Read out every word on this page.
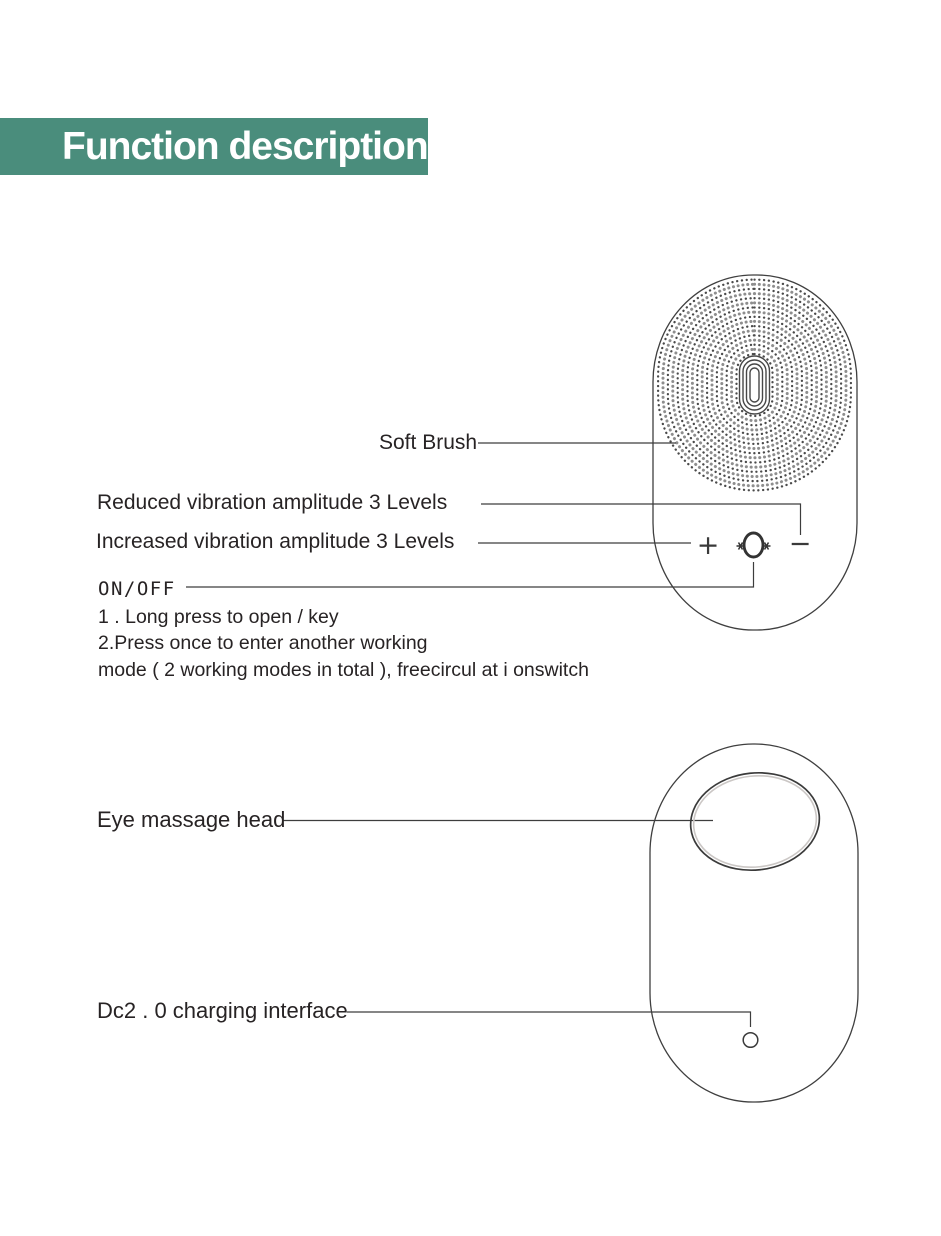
Function description
+	−
Soft Brush
Reduced vibration amplitude 3 Levels
Increased vibration amplitude 3 Levels
ON/OFF
1 . Long press to open / key
2.Press once to enter another working
mode ( 2 working modes in total ), freecircul at i onswitch
Eye massage head
Dc2 . 0 charging interface
